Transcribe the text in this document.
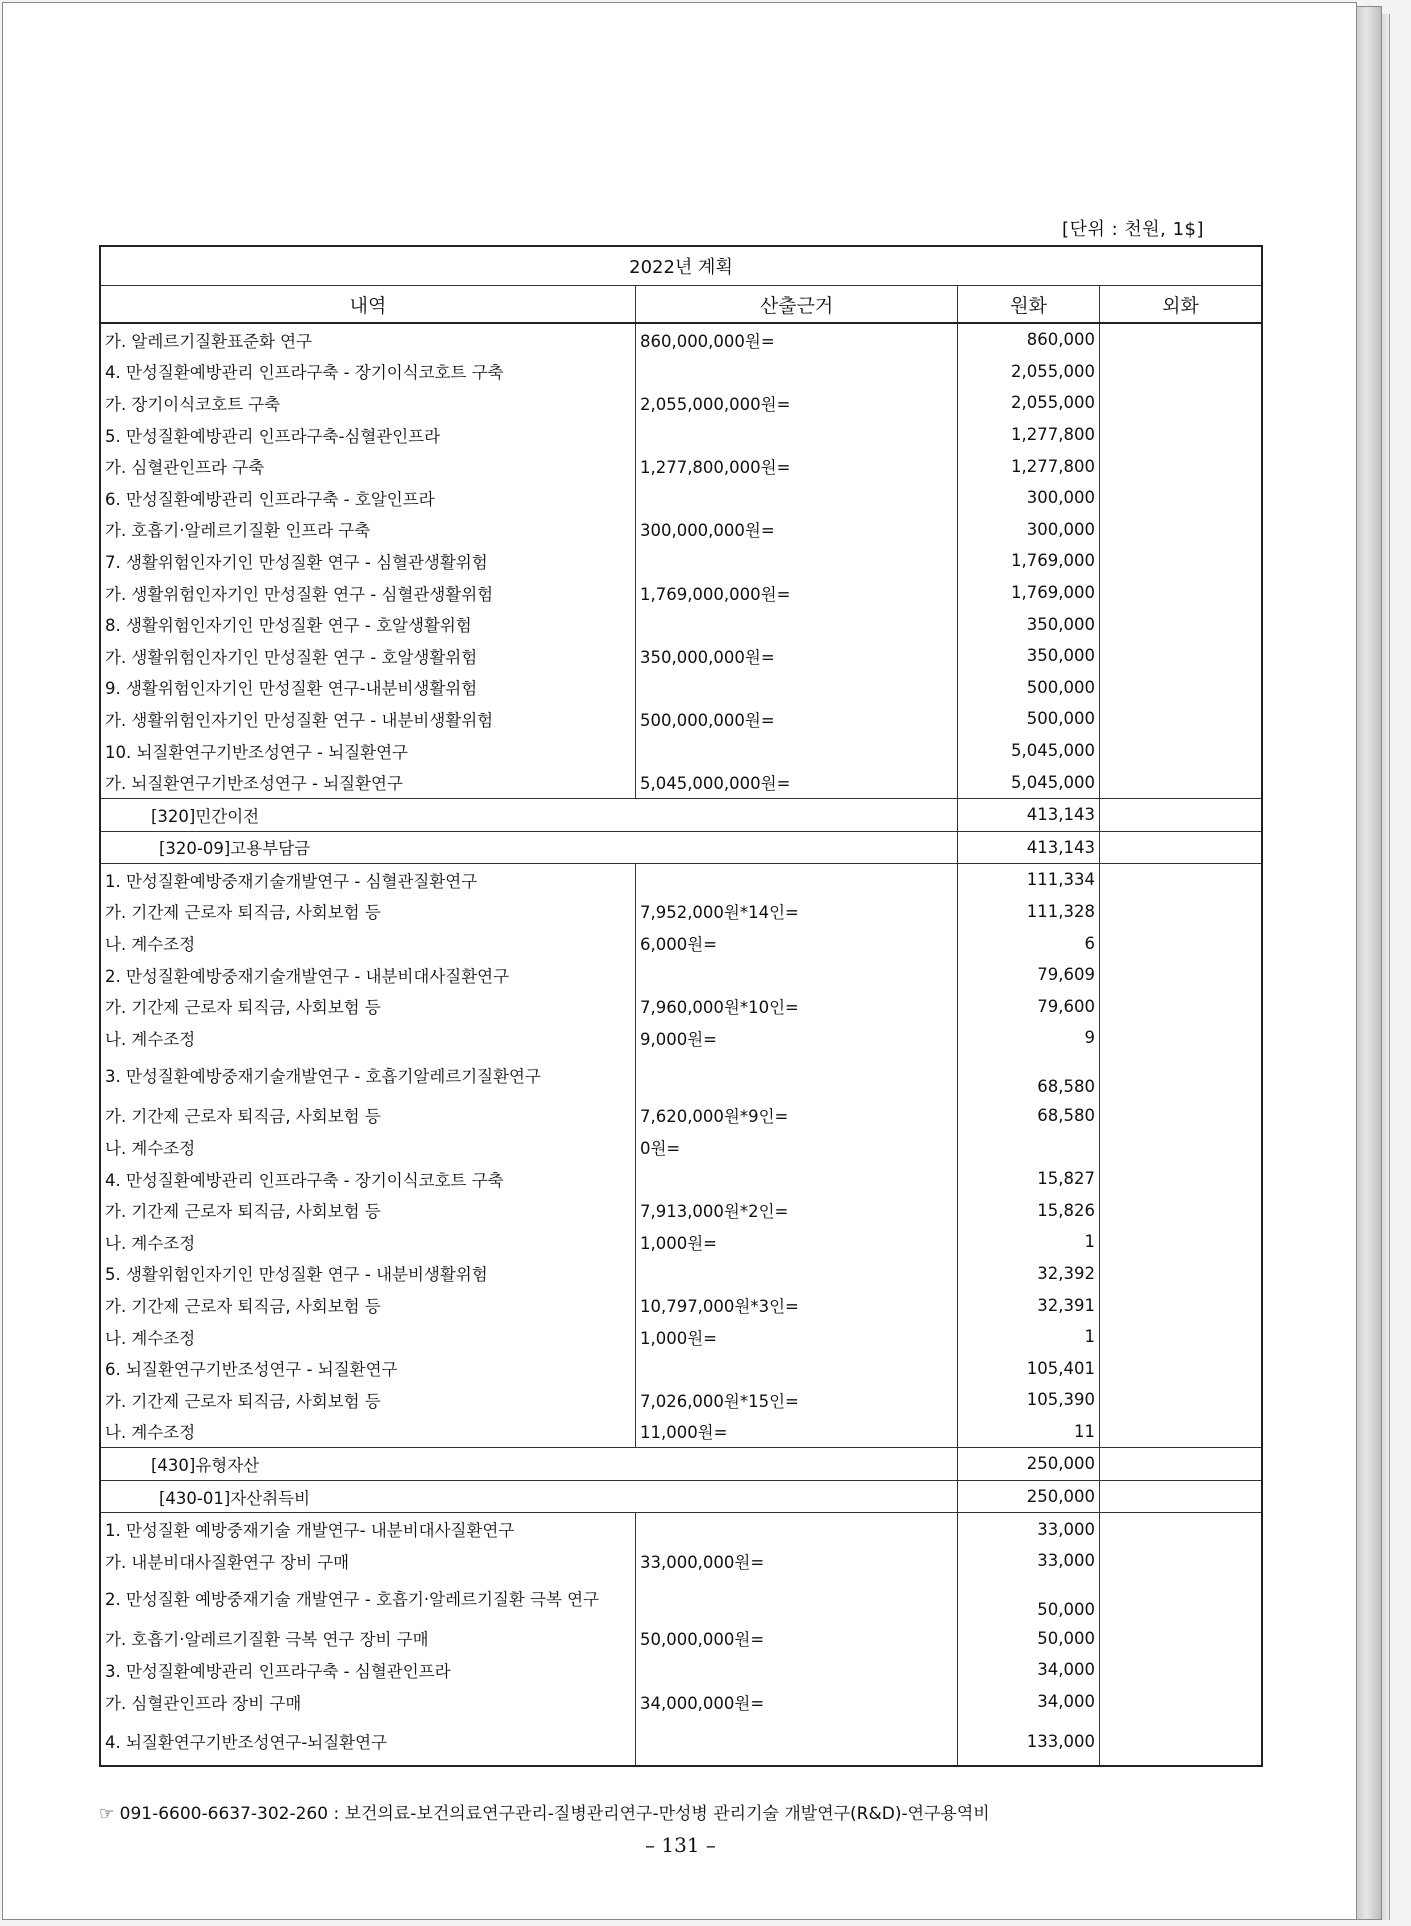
[단위 : 천원, 1$]
2022년 계획			
내역	산출근거	원화	외화
가. 알레르기질환표준화 연구	860,000,000원=	860,000	
4. 만성질환예방관리 인프라구축 - 장기이식코호트 구축		2,055,000	
가. 장기이식코호트 구축	2,055,000,000원=	2,055,000	
5. 만성질환예방관리 인프라구축-심혈관인프라		1,277,800	
가. 심혈관인프라 구축	1,277,800,000원=	1,277,800	
6. 만성질환예방관리 인프라구축 - 호알인프라		300,000	
가. 호흡기·알레르기질환 인프라 구축	300,000,000원=	300,000	
7. 생활위험인자기인 만성질환 연구 - 심혈관생활위험		1,769,000	
가. 생활위험인자기인 만성질환 연구 - 심혈관생활위험	1,769,000,000원=	1,769,000	
8. 생활위험인자기인 만성질환 연구 - 호알생활위험		350,000	
가. 생활위험인자기인 만성질환 연구 - 호알생활위험	350,000,000원=	350,000	
9. 생활위험인자기인 만성질환 연구-내분비생활위험		500,000	
가. 생활위험인자기인 만성질환 연구 - 내분비생활위험	500,000,000원=	500,000	
10. 뇌질환연구기반조성연구 - 뇌질환연구		5,045,000	
가. 뇌질환연구기반조성연구 - 뇌질환연구	5,045,000,000원=	5,045,000	
[320]민간이전		413,143	
[320-09]고용부담금		413,143	
1. 만성질환예방중재기술개발연구 - 심혈관질환연구		111,334	
가. 기간제 근로자 퇴직금, 사회보험 등	7,952,000원*14인=	111,328	
나. 계수조정	6,000원=	6	
2. 만성질환예방중재기술개발연구 - 내분비대사질환연구		79,609	
가. 기간제 근로자 퇴직금, 사회보험 등	7,960,000원*10인=	79,600	
나. 계수조정	9,000원=	9	
3. 만성질환예방중재기술개발연구 - 호흡기알레르기질환연구		68,580	
가. 기간제 근로자 퇴직금, 사회보험 등	7,620,000원*9인=	68,580	
나. 계수조정	0원=		
4. 만성질환예방관리 인프라구축 - 장기이식코호트 구축		15,827	
가. 기간제 근로자 퇴직금, 사회보험 등	7,913,000원*2인=	15,826	
나. 계수조정	1,000원=	1	
5. 생활위험인자기인 만성질환 연구 - 내분비생활위험		32,392	
가. 기간제 근로자 퇴직금, 사회보험 등	10,797,000원*3인=	32,391	
나. 계수조정	1,000원=	1	
6. 뇌질환연구기반조성연구 - 뇌질환연구		105,401	
가. 기간제 근로자 퇴직금, 사회보험 등	7,026,000원*15인=	105,390	
나. 계수조정	11,000원=	11	
[430]유형자산		250,000	
[430-01]자산취득비		250,000	
1. 만성질환 예방중재기술 개발연구- 내분비대사질환연구		33,000	
가. 내분비대사질환연구 장비 구매	33,000,000원=	33,000	
2. 만성질환 예방중재기술 개발연구 - 호흡기·알레르기질환 극복 연구		50,000	
가. 호흡기·알레르기질환 극복 연구 장비 구매	50,000,000원=	50,000	
3. 만성질환예방관리 인프라구축 - 심혈관인프라		34,000	
가. 심혈관인프라 장비 구매	34,000,000원=	34,000	
4. 뇌질환연구기반조성연구-뇌질환연구		133,000	
☞ 091-6600-6637-302-260 : 보건의료-보건의료연구관리-질병관리연구-만성병 관리기술 개발연구(R&D)-연구용역비
– 131 –
